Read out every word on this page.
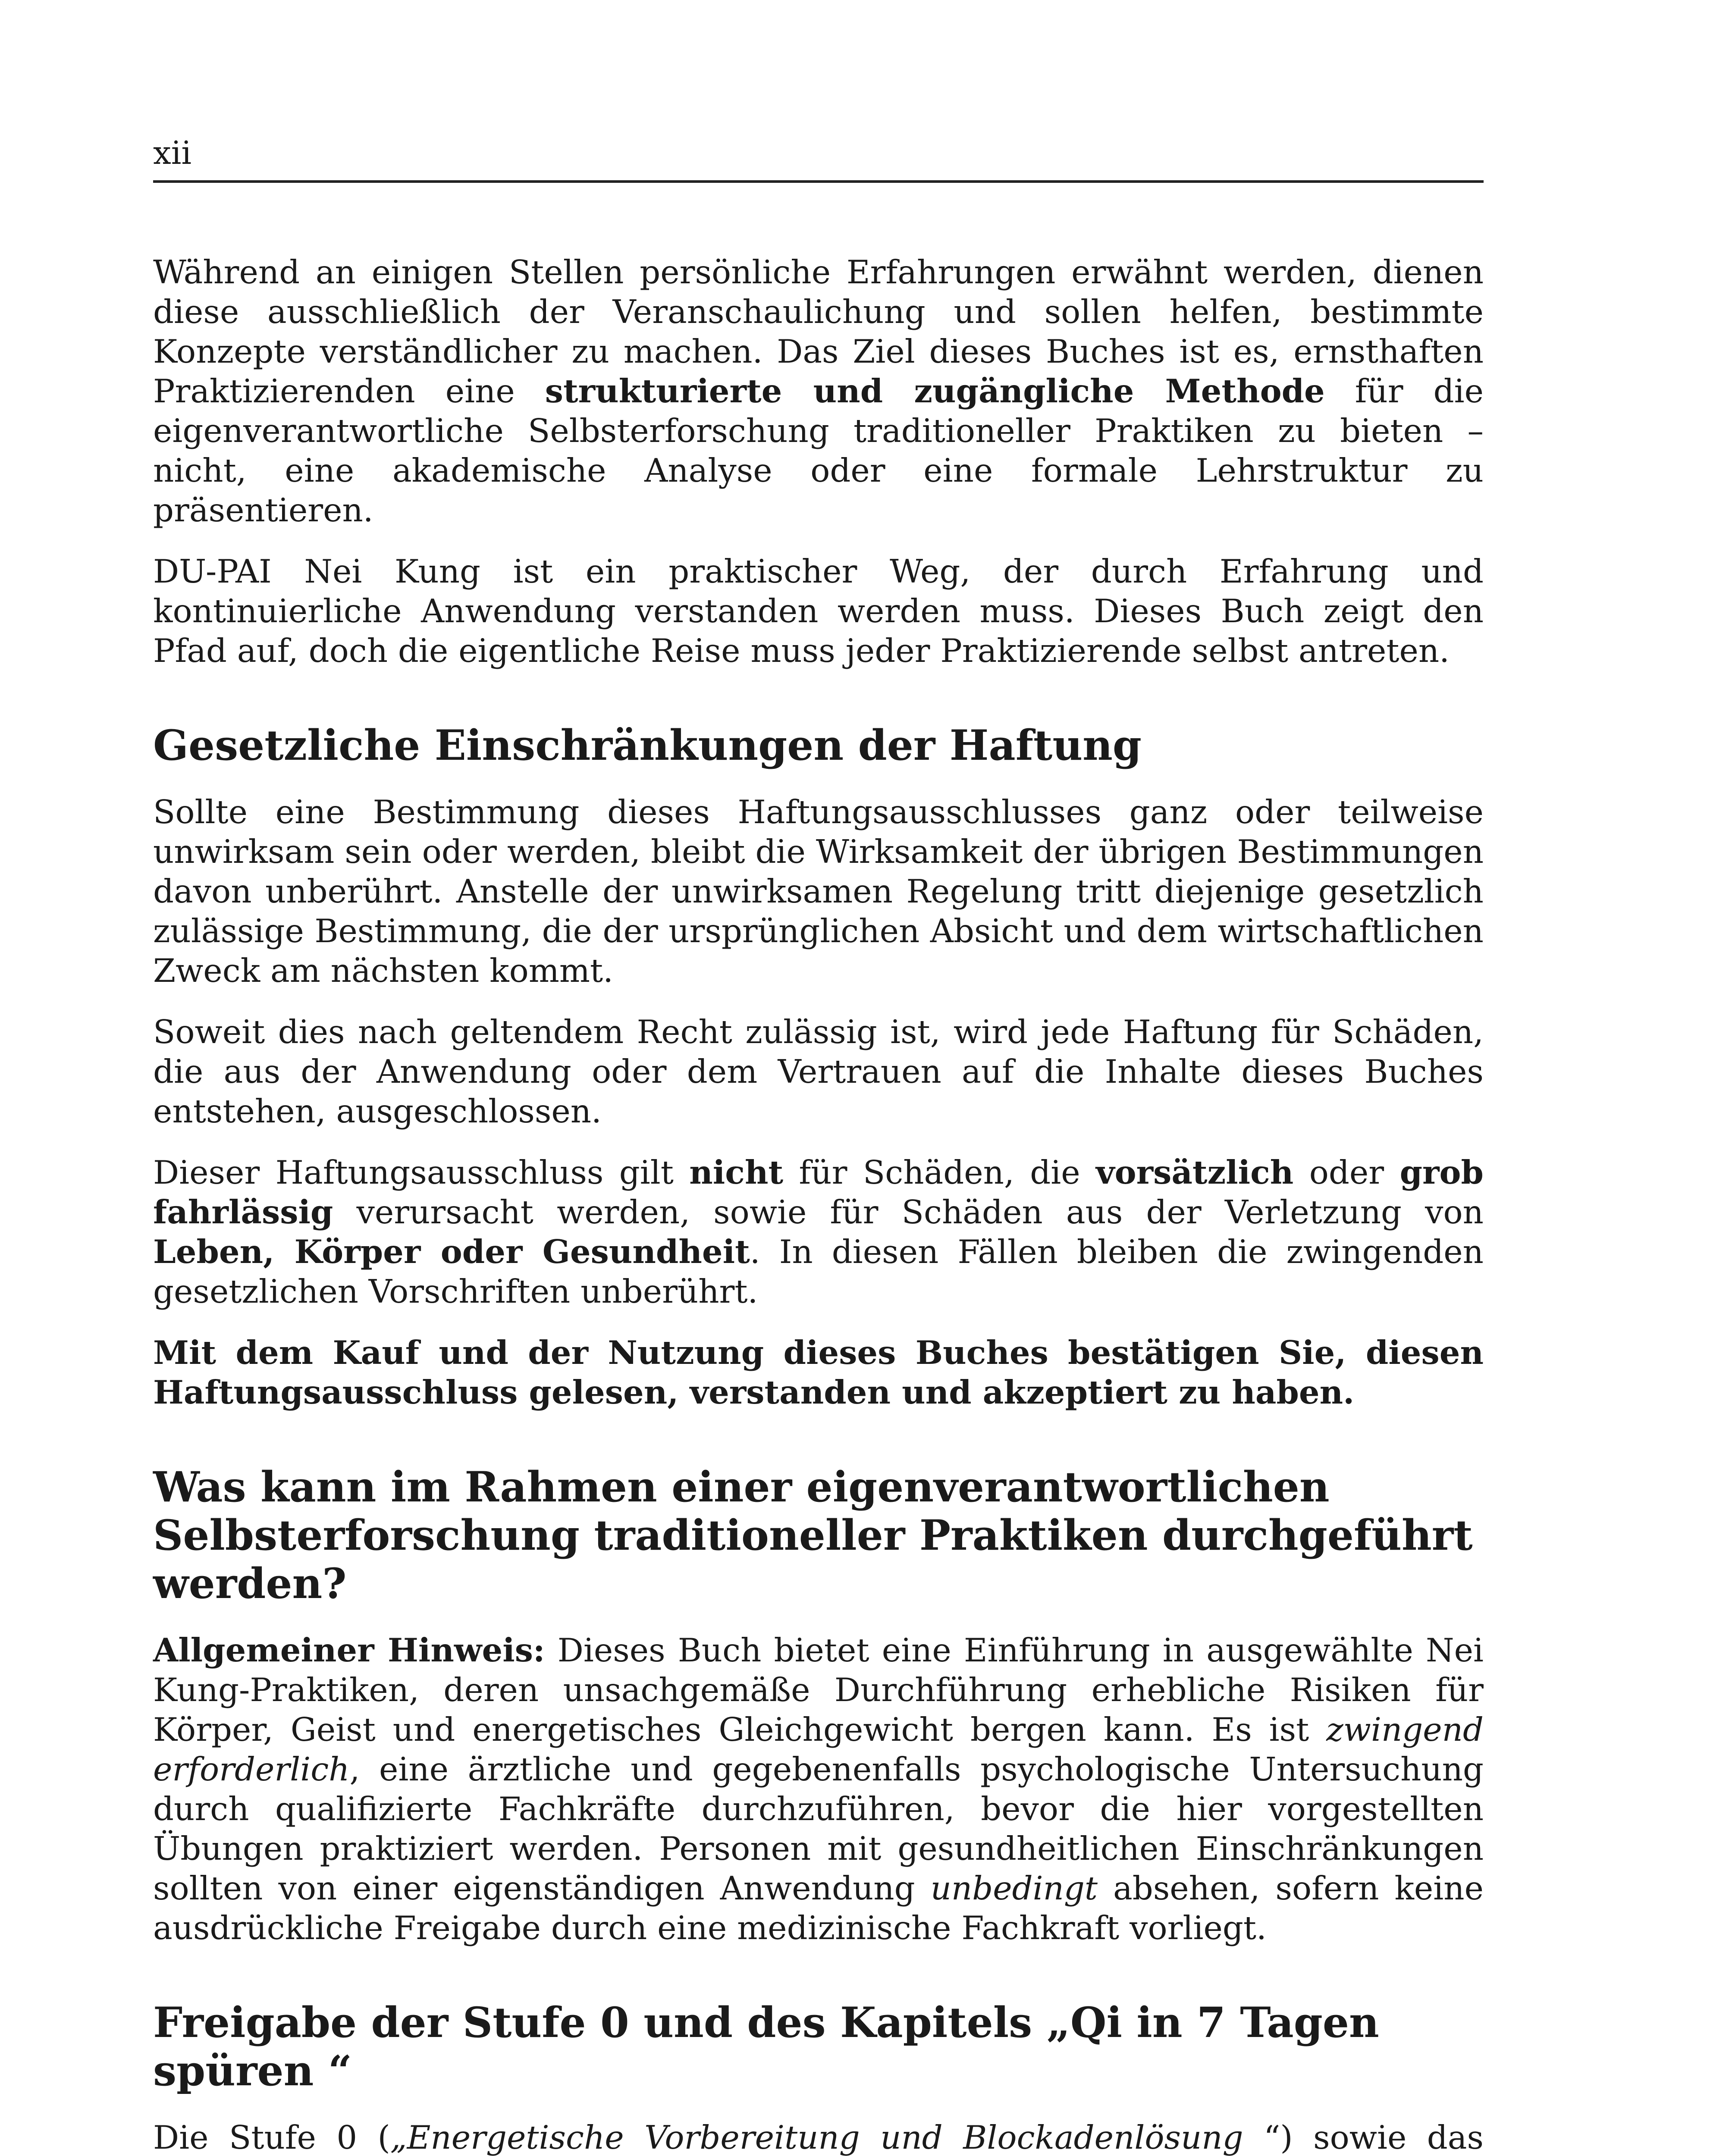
xii

Während an einigen Stellen persönliche Erfahrungen erwähnt werden, dienen diese ausschließlich der Veranschaulichung und sollen helfen, bestimmte Konzepte verständlicher zu machen. Das Ziel dieses Buches ist es, ernsthaften Praktizierenden eine strukturierte und zugängliche Methode für die eigenverantwortliche Selbsterforschung traditioneller Praktiken zu bieten –nicht, eine akademische Analyse oder eine formale Lehrstruktur zu präsentieren.

DU-PAI Nei Kung ist ein praktischer Weg, der durch Erfahrung und kontinuierliche Anwendung verstanden werden muss. Dieses Buch zeigt den Pfad auf, doch die eigentliche Reise muss jeder Praktizierende selbst antreten.

Gesetzliche Einschränkungen der Haftung

Sollte eine Bestimmung dieses Haftungsausschlusses ganz oder teilweise unwirksam sein oder werden, bleibt die Wirksamkeit der übrigen Bestimmungen davon unberührt. Anstelle der unwirksamen Regelung tritt diejenige gesetzlich zulässige Bestimmung, die der ursprünglichen Absicht und dem wirtschaftlichen Zweck am nächsten kommt.

Soweit dies nach geltendem Recht zulässig ist, wird jede Haftung für Schäden, die aus der Anwendung oder dem Vertrauen auf die Inhalte dieses Buches entstehen, ausgeschlossen.

Dieser Haftungsausschluss gilt nicht für Schäden, die vorsätzlich oder grob fahrlässig verursacht werden, sowie für Schäden aus der Verletzung von Leben, Körper oder Gesundheit. In diesen Fällen bleiben die zwingenden gesetzlichen Vorschriften unberührt.

Mit dem Kauf und der Nutzung dieses Buches bestätigen Sie, diesen Haftungsausschluss gelesen, verstanden und akzeptiert zu haben.

Was kann im Rahmen einer eigenverantwortlichen Selbsterforschung traditioneller Praktiken durchgeführt werden?

Allgemeiner Hinweis: Dieses Buch bietet eine Einführung in ausgewählte Nei Kung-Praktiken, deren unsachgemäße Durchführung erhebliche Risiken für Körper, Geist und energetisches Gleichgewicht bergen kann. Es ist zwingend erforderlich, eine ärztliche und gegebenenfalls psychologische Untersuchung durch qualifizierte Fachkräfte durchzuführen, bevor die hier vorgestellten Übungen praktiziert werden. Personen mit gesundheitlichen Einschränkungen sollten von einer eigenständigen Anwendung unbedingt absehen, sofern keine ausdrückliche Freigabe durch eine medizinische Fachkraft vorliegt.

Freigabe der Stufe 0 und des Kapitels „Qi in 7 Tagen spüren “

Die Stufe 0 („Energetische Vorbereitung und Blockadenlösung “) sowie das
